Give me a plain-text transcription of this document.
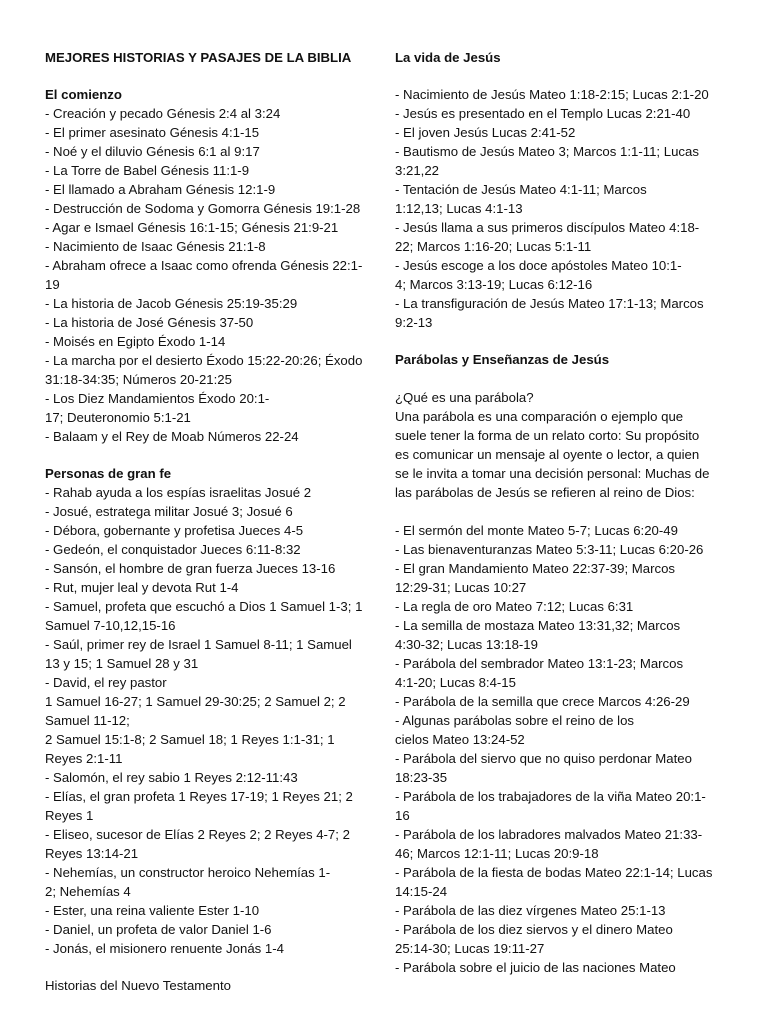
MEJORES HISTORIAS Y PASAJES DE LA BIBLIA
El comienzo
- Creación y pecado Génesis 2:4 al 3:24
- El primer asesinato Génesis 4:1-15
- Noé y el diluvio Génesis 6:1 al 9:17
- La Torre de Babel Génesis 11:1-9
- El llamado a Abraham Génesis 12:1-9
- Destrucción de Sodoma y Gomorra Génesis 19:1-28
- Agar e Ismael Génesis 16:1-15; Génesis 21:9-21
- Nacimiento de Isaac Génesis 21:1-8
- Abraham ofrece a Isaac como ofrenda Génesis 22:1-
19
- La historia de Jacob Génesis 25:19-35:29
- La historia de José Génesis 37-50
- Moisés en Egipto Éxodo 1-14
- La marcha por el desierto Éxodo 15:22-20:26; Éxodo
31:18-34:35; Números 20-21:25
- Los Diez Mandamientos Éxodo 20:1-
17; Deuteronomio 5:1-21
- Balaam y el Rey de Moab Números 22-24
Personas de gran fe
- Rahab ayuda a los espías israelitas Josué 2
- Josué, estratega militar Josué 3; Josué 6
- Débora, gobernante y profetisa Jueces 4-5
- Gedeón, el conquistador Jueces 6:11-8:32
- Sansón, el hombre de gran fuerza Jueces 13-16
- Rut, mujer leal y devota Rut 1-4
- Samuel, profeta que escuchó a Dios 1 Samuel 1-3; 1
Samuel 7-10,12,15-16
- Saúl, primer rey de Israel 1 Samuel 8-11; 1 Samuel
13 y 15; 1 Samuel 28 y 31
- David, el rey pastor
1 Samuel 16-27; 1 Samuel 29-30:25; 2 Samuel 2; 2
Samuel 11-12;
2 Samuel 15:1-8; 2 Samuel 18; 1 Reyes 1:1-31; 1
Reyes 2:1-11
- Salomón, el rey sabio 1 Reyes 2:12-11:43
- Elías, el gran profeta 1 Reyes 17-19; 1 Reyes 21; 2
Reyes 1
- Eliseo, sucesor de Elías 2 Reyes 2; 2 Reyes 4-7; 2
Reyes 13:14-21
- Nehemías, un constructor heroico Nehemías 1-
2; Nehemías 4
- Ester, una reina valiente Ester 1-10
- Daniel, un profeta de valor Daniel 1-6
- Jonás, el misionero renuente Jonás 1-4
Historias del Nuevo Testamento
La vida de Jesús
- Nacimiento de Jesús Mateo 1:18-2:15; Lucas 2:1-20
- Jesús es presentado en el Templo Lucas 2:21-40
- El joven Jesús Lucas 2:41-52
- Bautismo de Jesús Mateo 3; Marcos 1:1-11; Lucas
3:21,22
- Tentación de Jesús Mateo 4:1-11; Marcos
1:12,13; Lucas 4:1-13
- Jesús llama a sus primeros discípulos Mateo 4:18-
22; Marcos 1:16-20; Lucas 5:1-11
- Jesús escoge a los doce apóstoles Mateo 10:1-
4; Marcos 3:13-19; Lucas 6:12-16
- La transfiguración de Jesús Mateo 17:1-13; Marcos
9:2-13
Parábolas y Enseñanzas de Jesús
¿Qué es una parábola?
Una parábola es una comparación o ejemplo que
suele tener la forma de un relato corto: Su propósito
es comunicar un mensaje al oyente o lector, a quien
se le invita a tomar una decisión personal: Muchas de
las parábolas de Jesús se refieren al reino de Dios:
- El sermón del monte Mateo 5-7; Lucas 6:20-49
- Las bienaventuranzas Mateo 5:3-11; Lucas 6:20-26
- El gran Mandamiento Mateo 22:37-39; Marcos
12:29-31; Lucas 10:27
- La regla de oro Mateo 7:12; Lucas 6:31
- La semilla de mostaza Mateo 13:31,32; Marcos
4:30-32; Lucas 13:18-19
- Parábola del sembrador Mateo 13:1-23; Marcos
4:1-20; Lucas 8:4-15
- Parábola de la semilla que crece Marcos 4:26-29
- Algunas parábolas sobre el reino de los
cielos Mateo 13:24-52
- Parábola del siervo que no quiso perdonar Mateo
18:23-35
- Parábola de los trabajadores de la viña Mateo 20:1-
16
- Parábola de los labradores malvados Mateo 21:33-
46; Marcos 12:1-11; Lucas 20:9-18
- Parábola de la fiesta de bodas Mateo 22:1-14; Lucas
14:15-24
- Parábola de las diez vírgenes Mateo 25:1-13
- Parábola de los diez siervos y el dinero Mateo
25:14-30; Lucas 19:11-27
- Parábola sobre el juicio de las naciones Mateo
